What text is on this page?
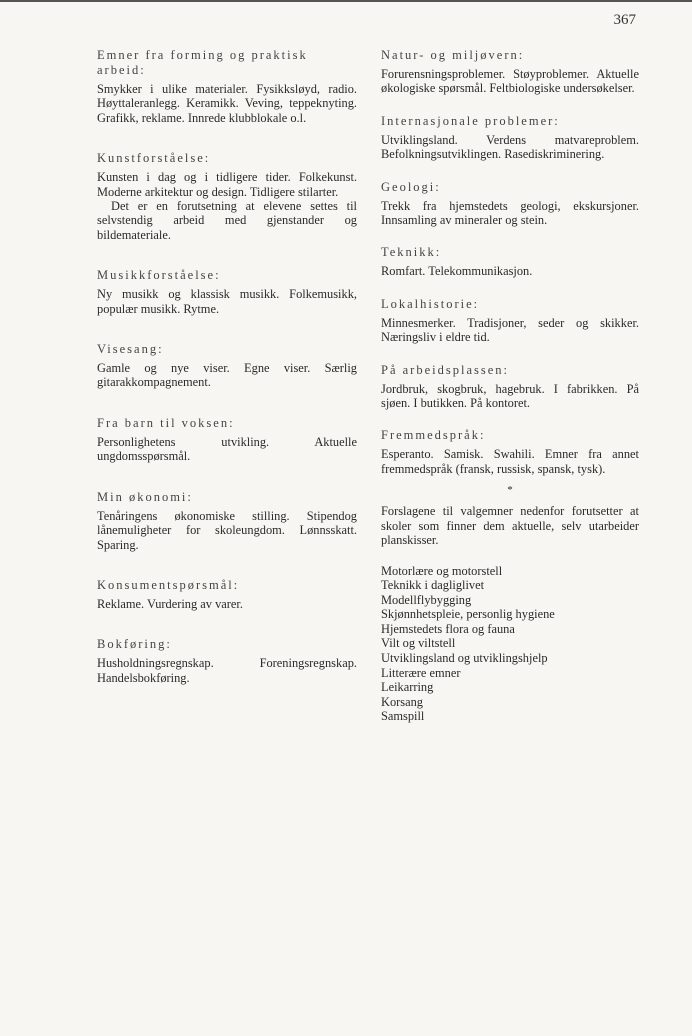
367
Emner fra forming og praktisk arbeid:

Smykker i ulike materialer. Fysikksløyd, radio. Høyttaleranlegg. Keramikk. Veving, teppeknyting. Grafikk, reklame. Innrede klubblokale o.l.

Kunstforståelse:

Kunsten i dag og i tidligere tider. Folkekunst. Moderne arkitektur og design. Tidligere stilarter.

Det er en forutsetning at elevene settes til selvstendig arbeid med gjenstander og bildemateriale.

Musikkforståelse:

Ny musikk og klassisk musikk. Folkemusikk, populær musikk. Rytme.

Visesang:

Gamle og nye viser. Egne viser. Særlig gitarakkompagnement.

Fra barn til voksen:

Personlighetens utvikling. Aktuelle ungdomsspørsmål.

Min økonomi:

Tenåringens økonomiske stilling. Stipendog lånemuligheter for skoleungdom. Lønnsskatt. Sparing.

Konsumentspørsmål:

Reklame. Vurdering av varer.

Bokføring:

Husholdningsregnskap. Foreningsregnskap. Handelsbokføring.

Natur- og miljøvern:

Forurensningsproblemer. Støyproblemer. Aktuelle økologiske spørsmål. Feltbiologiske undersøkelser.

Internasjonale problemer:

Utviklingsland. Verdens matvareproblem. Befolkningsutviklingen. Rasediskriminering.

Geologi:

Trekk fra hjemstedets geologi, ekskursjoner. Innsamling av mineraler og stein.

Teknikk:

Romfart. Telekommunikasjon.

Lokalhistorie:

Minnesmerker. Tradisjoner, seder og skikker. Næringsliv i eldre tid.

På arbeidsplassen:

Jordbruk, skogbruk, hagebruk. I fabrikken. På sjøen. I butikken. På kontoret.

Fremmedspråk:

Esperanto. Samisk. Swahili. Emner fra annet fremmedspråk (fransk, russisk, spansk, tysk).

*

Forslagene til valgemner nedenfor forutsetter at skoler som finner dem aktuelle, selv utarbeider planskisser.

Motorlære og motorstell
Teknikk i dagliglivet
Modellflybygging
Skjønnhetspleie, personlig hygiene
Hjemstedets flora og fauna
Vilt og viltstell
Utviklingsland og utviklingshjelp
Litterære emner
Leikarring
Korsang
Samspill
